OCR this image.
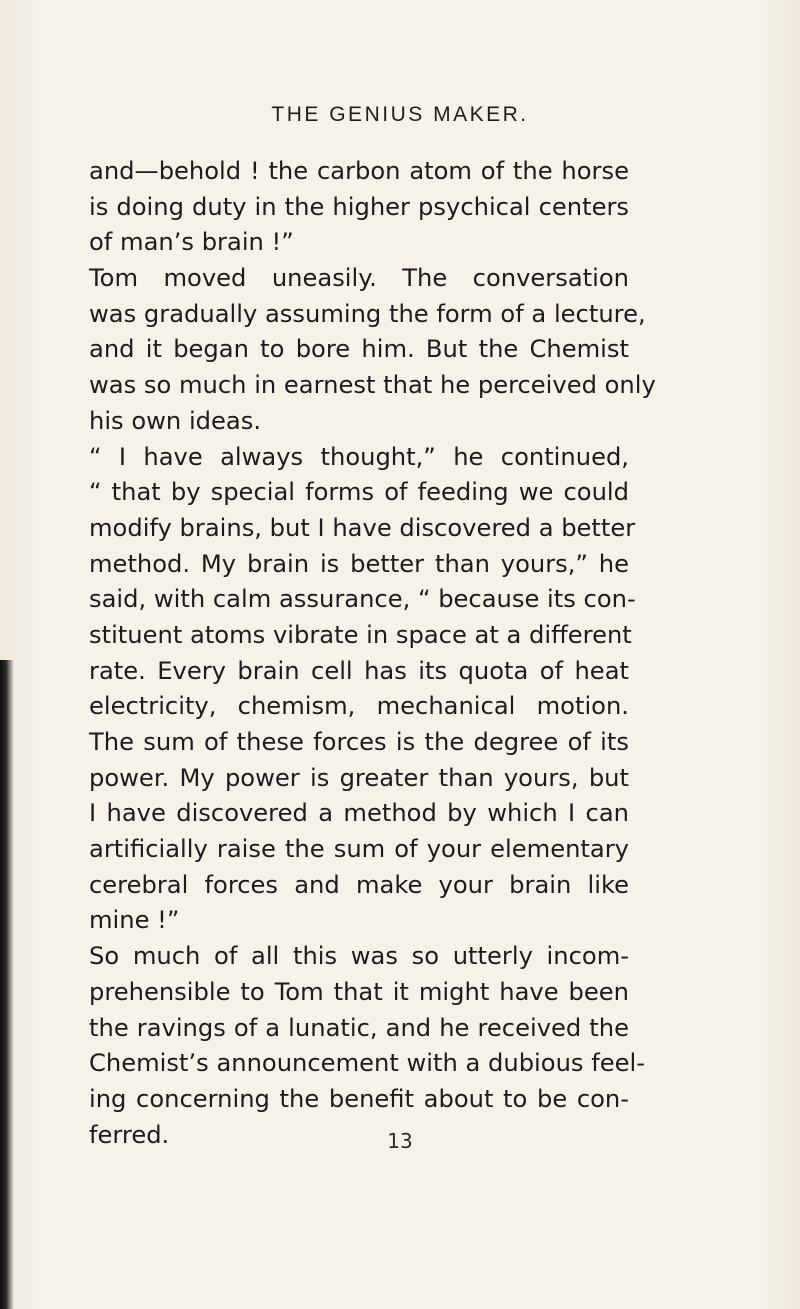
THE GENIUS MAKER.
and—behold ! the carbon atom of the horse
is doing duty in the higher psychical centers
of man’s brain !”
Tom moved uneasily. The conversation
was gradually assuming the form of a lecture,
and it began to bore him. But the Chemist
was so much in earnest that he perceived only
his own ideas.
“ I have always thought,” he continued,
“ that by special forms of feeding we could
modify brains, but I have discovered a better
method. My brain is better than yours,” he
said, with calm assurance, “ because its con-
stituent atoms vibrate in space at a different
rate. Every brain cell has its quota of heat
electricity, chemism, mechanical motion.
The sum of these forces is the degree of its
power. My power is greater than yours, but
I have discovered a method by which I can
artificially raise the sum of your elementary
cerebral forces and make your brain like
mine !”
So much of all this was so utterly incom-
prehensible to Tom that it might have been
the ravings of a lunatic, and he received the
Chemist’s announcement with a dubious feel-
ing concerning the benefit about to be con-
ferred.	13
